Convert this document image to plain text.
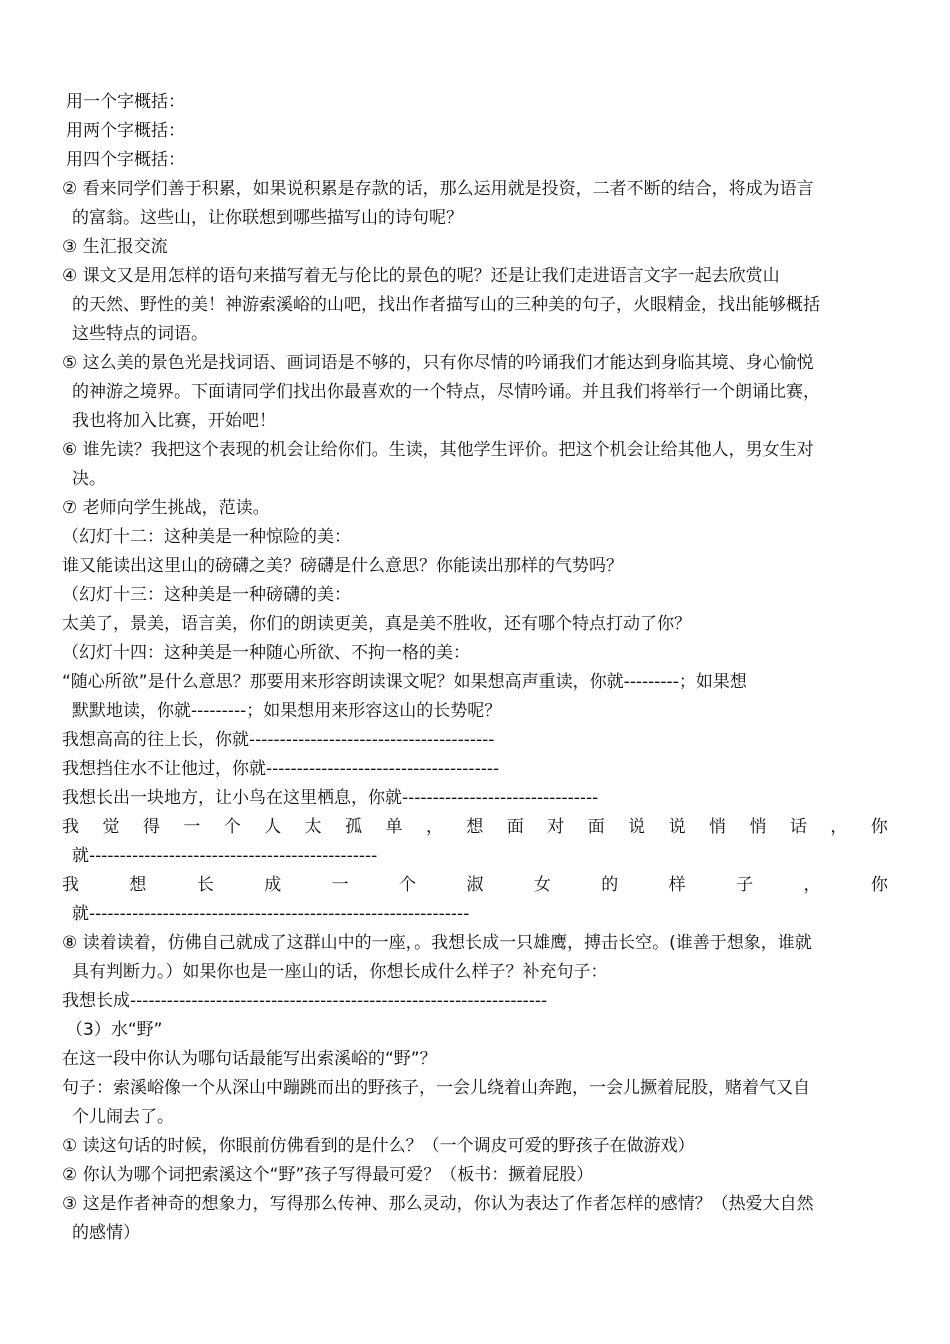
用一个字概括：
用两个字概括：
用四个字概括：
② 看来同学们善于积累，如果说积累是存款的话，那么运用就是投资，二者不断的结合，将成为语言
的富翁。这些山，让你联想到哪些描写山的诗句呢？
③ 生汇报交流
④ 课文又是用怎样的语句来描写着无与伦比的景色的呢？还是让我们走进语言文字一起去欣赏山
的天然、野性的美！神游索溪峪的山吧，找出作者描写山的三种美的句子，火眼精金，找出能够概括
这些特点的词语。
⑤ 这么美的景色光是找词语、画词语是不够的，只有你尽情的吟诵我们才能达到身临其境、身心愉悦
的神游之境界。下面请同学们找出你最喜欢的一个特点，尽情吟诵。并且我们将举行一个朗诵比赛，
我也将加入比赛，开始吧！
⑥ 谁先读？我把这个表现的机会让给你们。生读，其他学生评价。把这个机会让给其他人，男女生对
决。
⑦ 老师向学生挑战，范读。
（幻灯十二：这种美是一种惊险的美：
谁又能读出这里山的磅礴之美？磅礴是什么意思？你能读出那样的气势吗？
（幻灯十三：这种美是一种磅礴的美：
太美了，景美，语言美，你们的朗读更美，真是美不胜收，还有哪个特点打动了你？
（幻灯十四：这种美是一种随心所欲、不拘一格的美：
“随心所欲”是什么意思？那要用来形容朗读课文呢？如果想高声重读，你就---------；如果想
默默地读，你就---------；如果想用来形容这山的长势呢？
我想高高的往上长，你就----------------------------------------
我想挡住水不让他过，你就--------------------------------------
我想长出一块地方，让小鸟在这里栖息，你就--------------------------------
我 觉 得 一 个 人 太 孤 单 ， 想 面 对 面 说 说 悄 悄 话 ， 你
就-----------------------------------------------
我	想	长	成	一	个	淑	女	的	样	子	，	你
就--------------------------------------------------------------
⑧ 读着读着，仿佛自己就成了这群山中的一座，。我想长成一只雄鹰，搏击长空。(谁善于想象，谁就
具有判断力。）如果你也是一座山的话，你想长成什么样子？补充句子：
我想长成--------------------------------------------------------------------
（3）水“野”
在这一段中你认为哪句话最能写出索溪峪的“野”？
句子：索溪峪像一个从深山中蹦跳而出的野孩子，一会儿绕着山奔跑，一会儿撅着屁股，赌着气又自
个儿闹去了。
① 读这句话的时候，你眼前仿佛看到的是什么？（一个调皮可爱的野孩子在做游戏）
② 你认为哪个词把索溪这个“野”孩子写得最可爱？（板书：撅着屁股）
③ 这是作者神奇的想象力，写得那么传神、那么灵动，你认为表达了作者怎样的感情？（热爱大自然
的感情）
